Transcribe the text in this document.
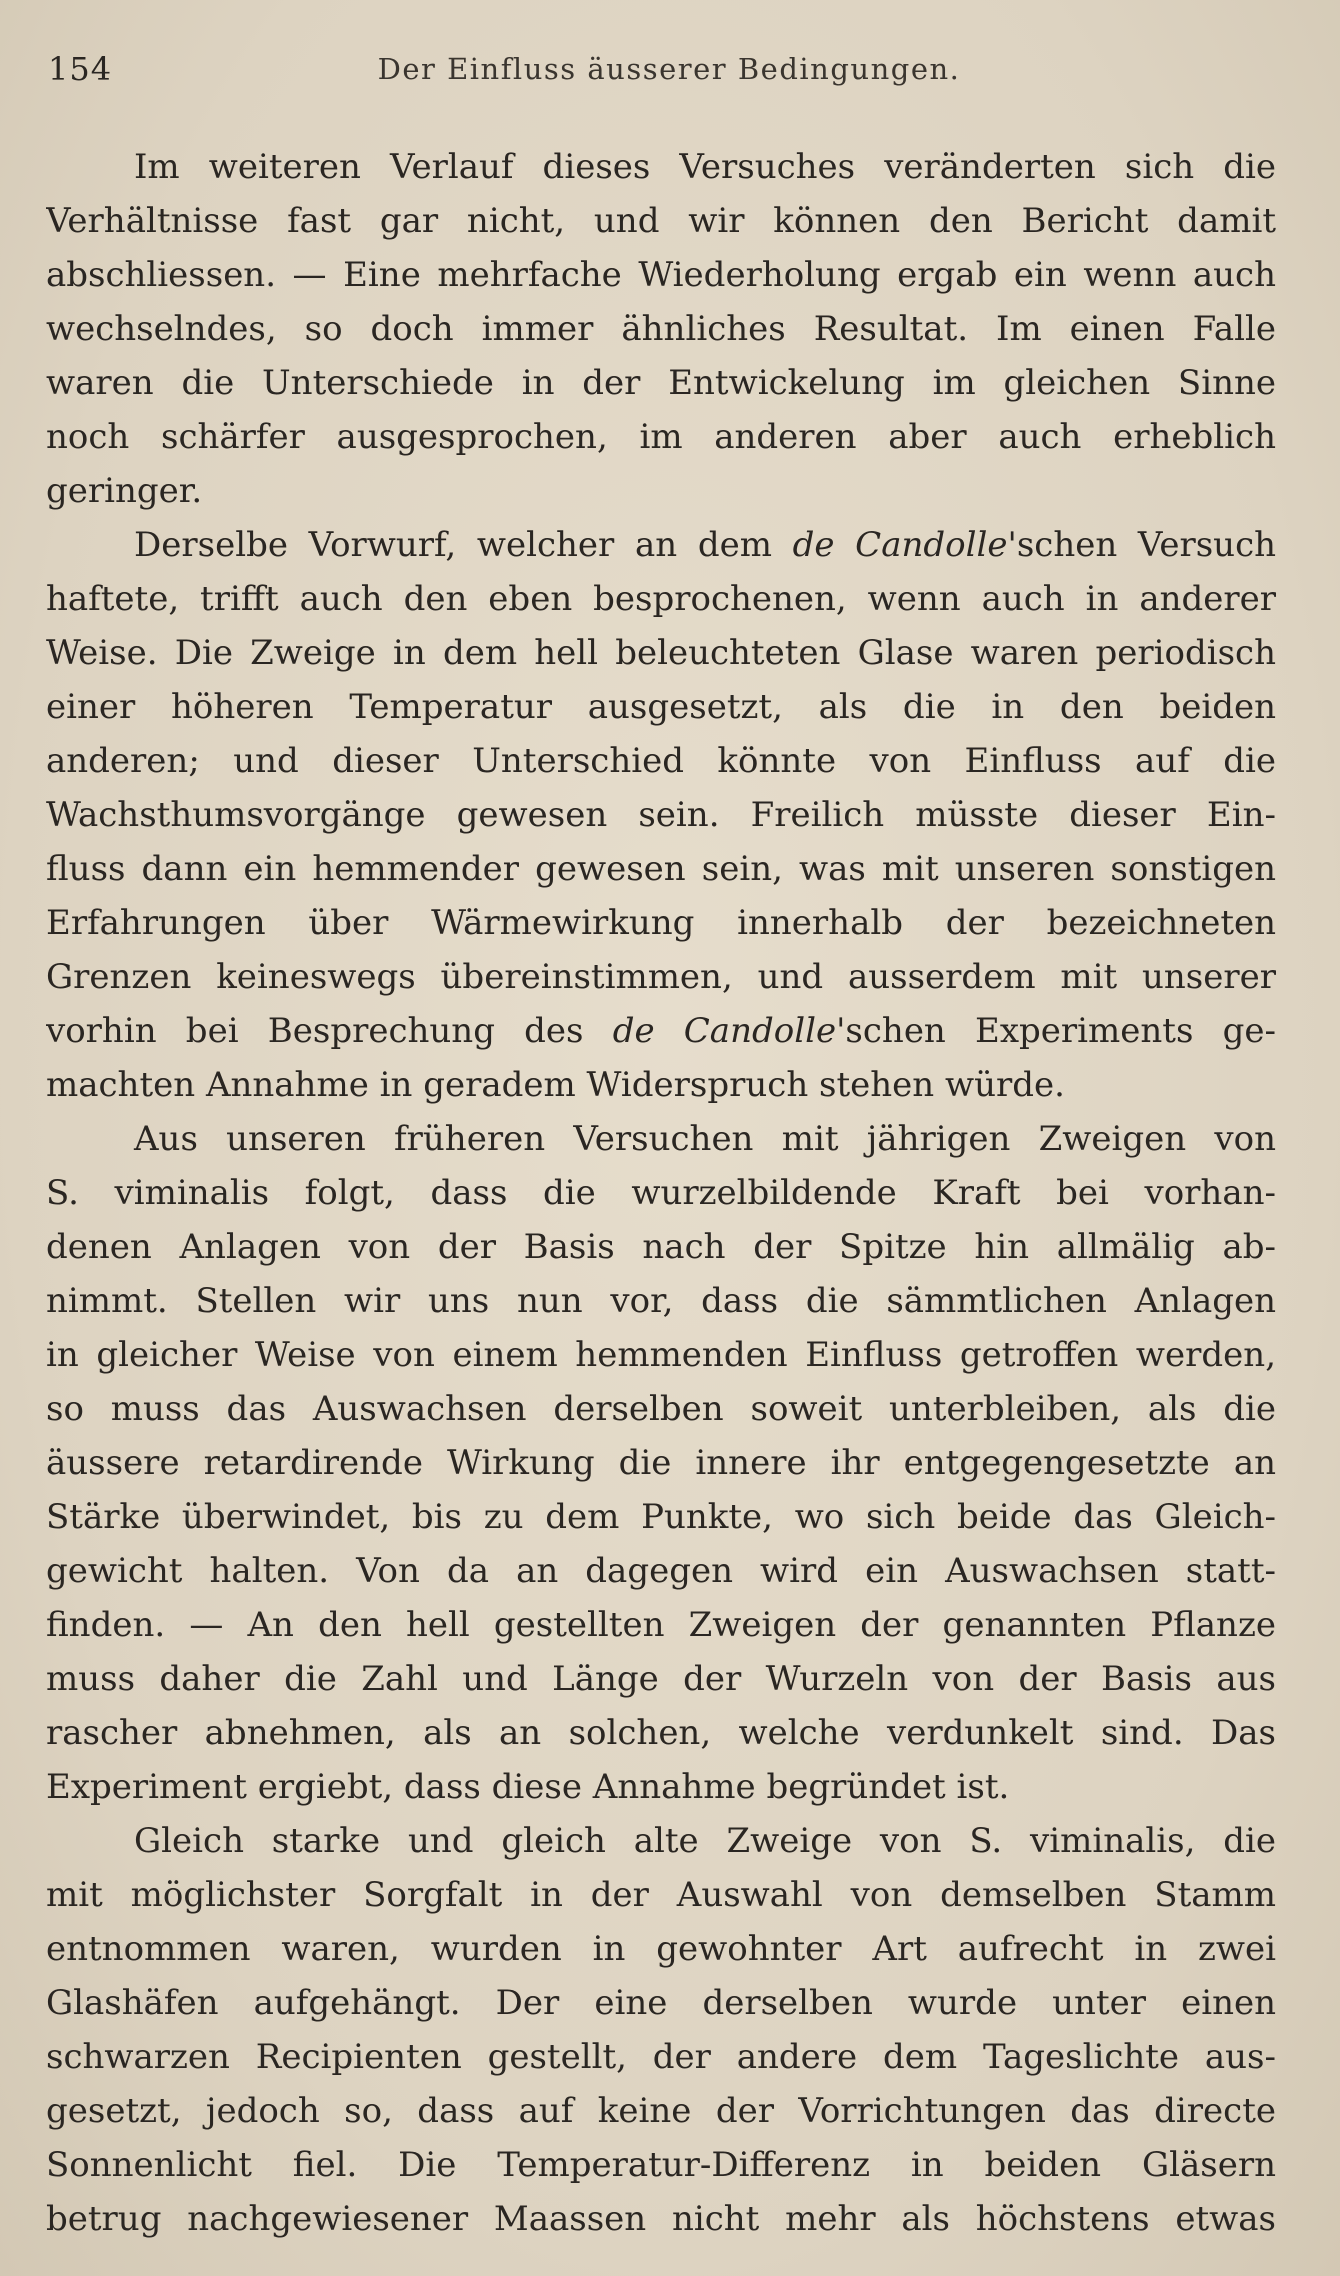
154	Der Einfluss äusserer Bedingungen.
Im weiteren Verlauf dieses Versuches veränderten sich die
Verhältnisse fast gar nicht, und wir können den Bericht damit
abschliessen. — Eine mehrfache Wiederholung ergab ein wenn auch
wechselndes, so doch immer ähnliches Resultat. Im einen Falle
waren die Unterschiede in der Entwickelung im gleichen Sinne
noch schärfer ausgesprochen, im anderen aber auch erheblich
geringer.
Derselbe Vorwurf, welcher an dem de Candolle'schen Versuch
haftete, trifft auch den eben besprochenen, wenn auch in anderer
Weise. Die Zweige in dem hell beleuchteten Glase waren periodisch
einer höheren Temperatur ausgesetzt, als die in den beiden
anderen; und dieser Unterschied könnte von Einfluss auf die
Wachsthumsvorgänge gewesen sein. Freilich müsste dieser Ein-
fluss dann ein hemmender gewesen sein, was mit unseren sonstigen
Erfahrungen über Wärmewirkung innerhalb der bezeichneten
Grenzen keineswegs übereinstimmen, und ausserdem mit unserer
vorhin bei Besprechung des de Candolle'schen Experiments ge-
machten Annahme in geradem Widerspruch stehen würde.
Aus unseren früheren Versuchen mit jährigen Zweigen von
S. viminalis folgt, dass die wurzelbildende Kraft bei vorhan-
denen Anlagen von der Basis nach der Spitze hin allmälig ab-
nimmt. Stellen wir uns nun vor, dass die sämmtlichen Anlagen
in gleicher Weise von einem hemmenden Einfluss getroffen werden,
so muss das Auswachsen derselben soweit unterbleiben, als die
äussere retardirende Wirkung die innere ihr entgegengesetzte an
Stärke überwindet, bis zu dem Punkte, wo sich beide das Gleich-
gewicht halten. Von da an dagegen wird ein Auswachsen statt-
finden. — An den hell gestellten Zweigen der genannten Pflanze
muss daher die Zahl und Länge der Wurzeln von der Basis aus
rascher abnehmen, als an solchen, welche verdunkelt sind. Das
Experiment ergiebt, dass diese Annahme begründet ist.
Gleich starke und gleich alte Zweige von S. viminalis, die
mit möglichster Sorgfalt in der Auswahl von demselben Stamm
entnommen waren, wurden in gewohnter Art aufrecht in zwei
Glashäfen aufgehängt. Der eine derselben wurde unter einen
schwarzen Recipienten gestellt, der andere dem Tageslichte aus-
gesetzt, jedoch so, dass auf keine der Vorrichtungen das directe
Sonnenlicht fiel. Die Temperatur-Differenz in beiden Gläsern
betrug nachgewiesener Maassen nicht mehr als höchstens etwas
